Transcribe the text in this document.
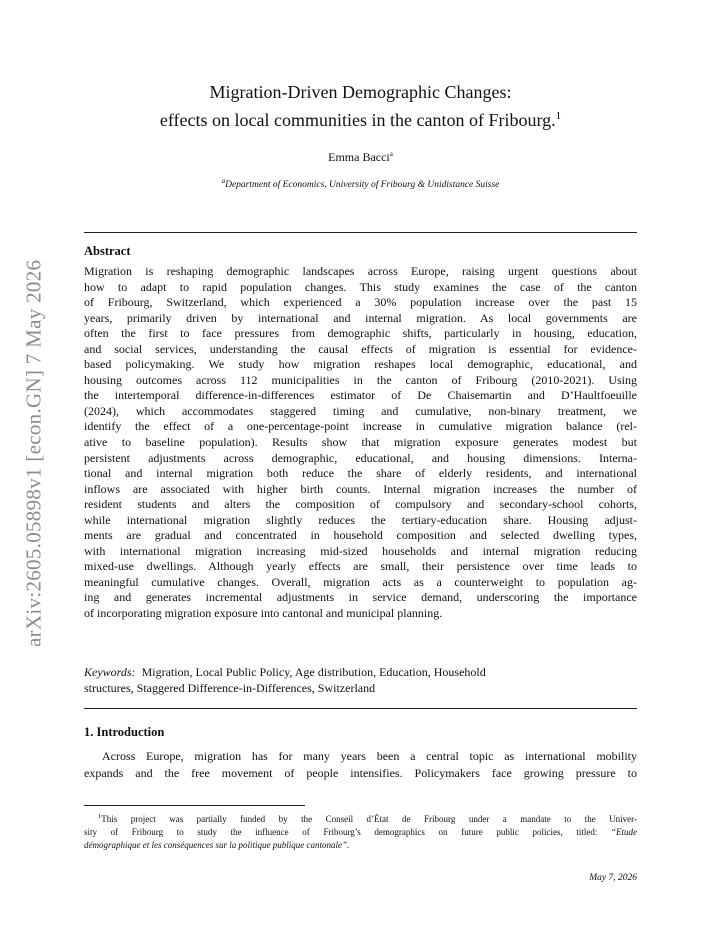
arXiv:2605.05898v1 [econ.GN] 7 May 2026
Migration-Driven Demographic Changes:
effects on local communities in the canton of Fribourg.$^1$
Emma Bacci$^a$
$^a$Department of Economics, University of Fribourg & Unidistance Suisse
Abstract
Migration is reshaping demographic landscapes across Europe, raising urgent questions about
how to adapt to rapid population changes. This study examines the case of the canton
of Fribourg, Switzerland, which experienced a 30% population increase over the past 15
years, primarily driven by international and internal migration. As local governments are
often the first to face pressures from demographic shifts, particularly in housing, education,
and social services, understanding the causal effects of migration is essential for evidence-
based policymaking. We study how migration reshapes local demographic, educational, and
housing outcomes across 112 municipalities in the canton of Fribourg (2010-2021). Using
the intertemporal difference-in-differences estimator of De Chaisemartin and D’Haultfoeuille
(2024), which accommodates staggered timing and cumulative, non-binary treatment, we
identify the effect of a one-percentage-point increase in cumulative migration balance (rel-
ative to baseline population). Results show that migration exposure generates modest but
persistent adjustments across demographic, educational, and housing dimensions. Interna-
tional and internal migration both reduce the share of elderly residents, and international
inflows are associated with higher birth counts. Internal migration increases the number of
resident students and alters the composition of compulsory and secondary-school cohorts,
while international migration slightly reduces the tertiary-education share. Housing adjust-
ments are gradual and concentrated in household composition and selected dwelling types,
with international migration increasing mid-sized households and internal migration reducing
mixed-use dwellings. Although yearly effects are small, their persistence over time leads to
meaningful cumulative changes. Overall, migration acts as a counterweight to population ag-
ing and generates incremental adjustments in service demand, underscoring the importance
of incorporating migration exposure into cantonal and municipal planning.
Keywords: Migration, Local Public Policy, Age distribution, Education, Household
structures, Staggered Difference-in-Differences, Switzerland
1. Introduction
Across Europe, migration has for many years been a central topic as international mobility
expands and the free movement of people intensifies. Policymakers face growing pressure to
$^1$This project was partially funded by the Conseil d’État de Fribourg under a mandate to the Univer-
sity of Fribourg to study the influence of Fribourg’s demographics on future public policies, titled: “Etude
démographique et les conséquences sur la politique publique cantonale”.
May 7, 2026
